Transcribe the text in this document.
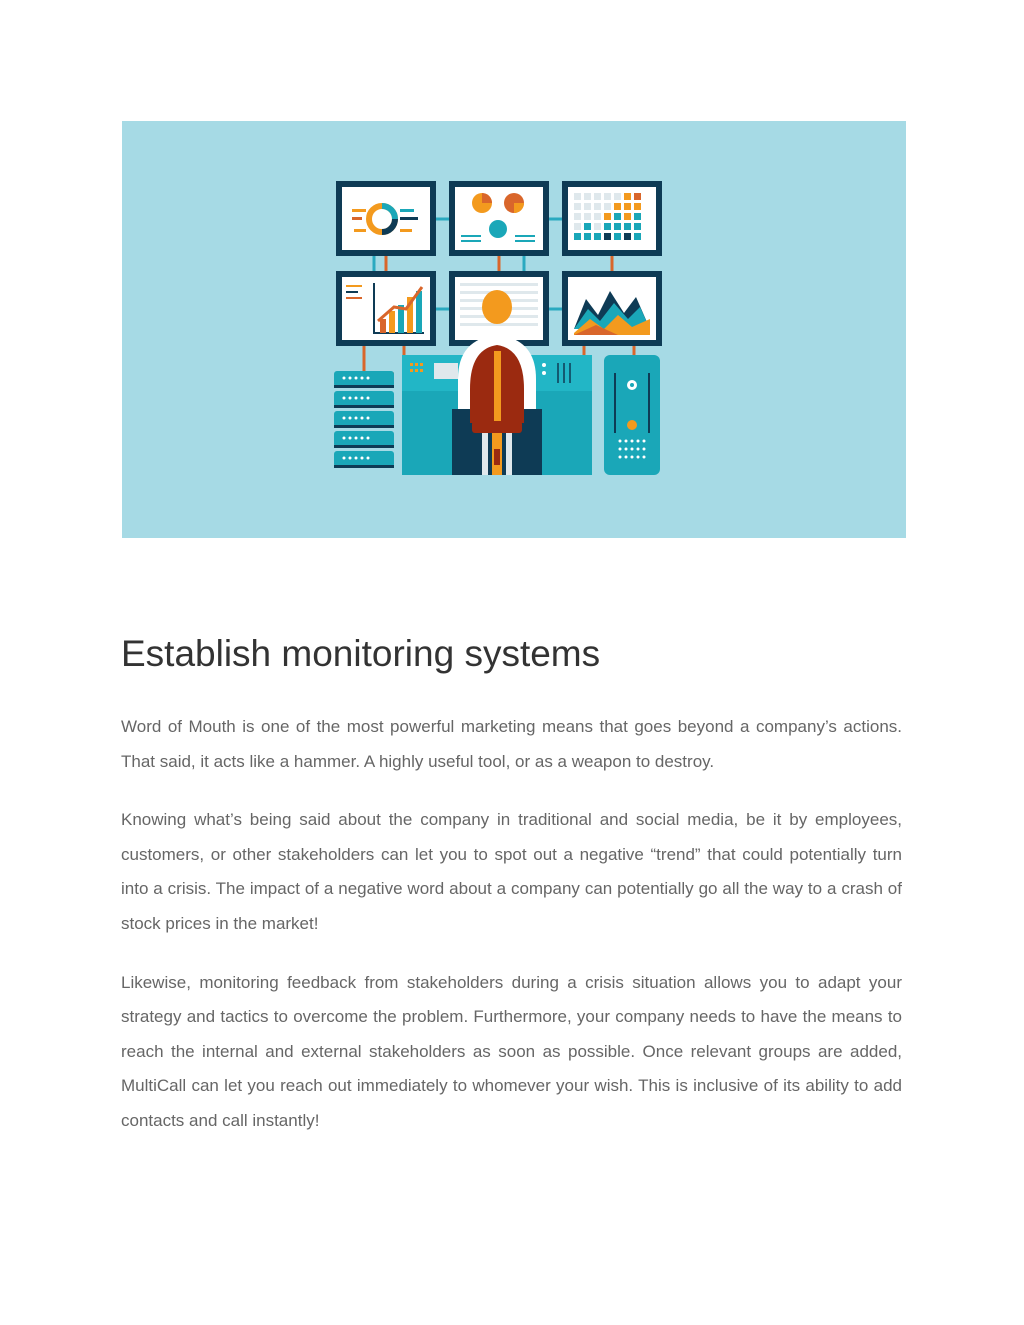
Establish monitoring systems

Word of Mouth is one of the most powerful marketing means that goes beyond a company’s actions. That said, it acts like a hammer. A highly useful tool, or as a weapon to destroy.

Knowing what’s being said about the company in traditional and social media, be it by employees, customers, or other stakeholders can let you to spot out a negative “trend” that could potentially turn into a crisis. The impact of a negative word about a company can potentially go all the way to a crash of stock prices in the market!

Likewise, monitoring feedback from stakeholders during a crisis situation allows you to adapt your strategy and tactics to overcome the problem. Furthermore, your company needs to have the means to reach the internal and external stakeholders as soon as possible. Once relevant groups are added, MultiCall can let you reach out immediately to whomever your wish. This is inclusive of its ability to add contacts and call instantly!
